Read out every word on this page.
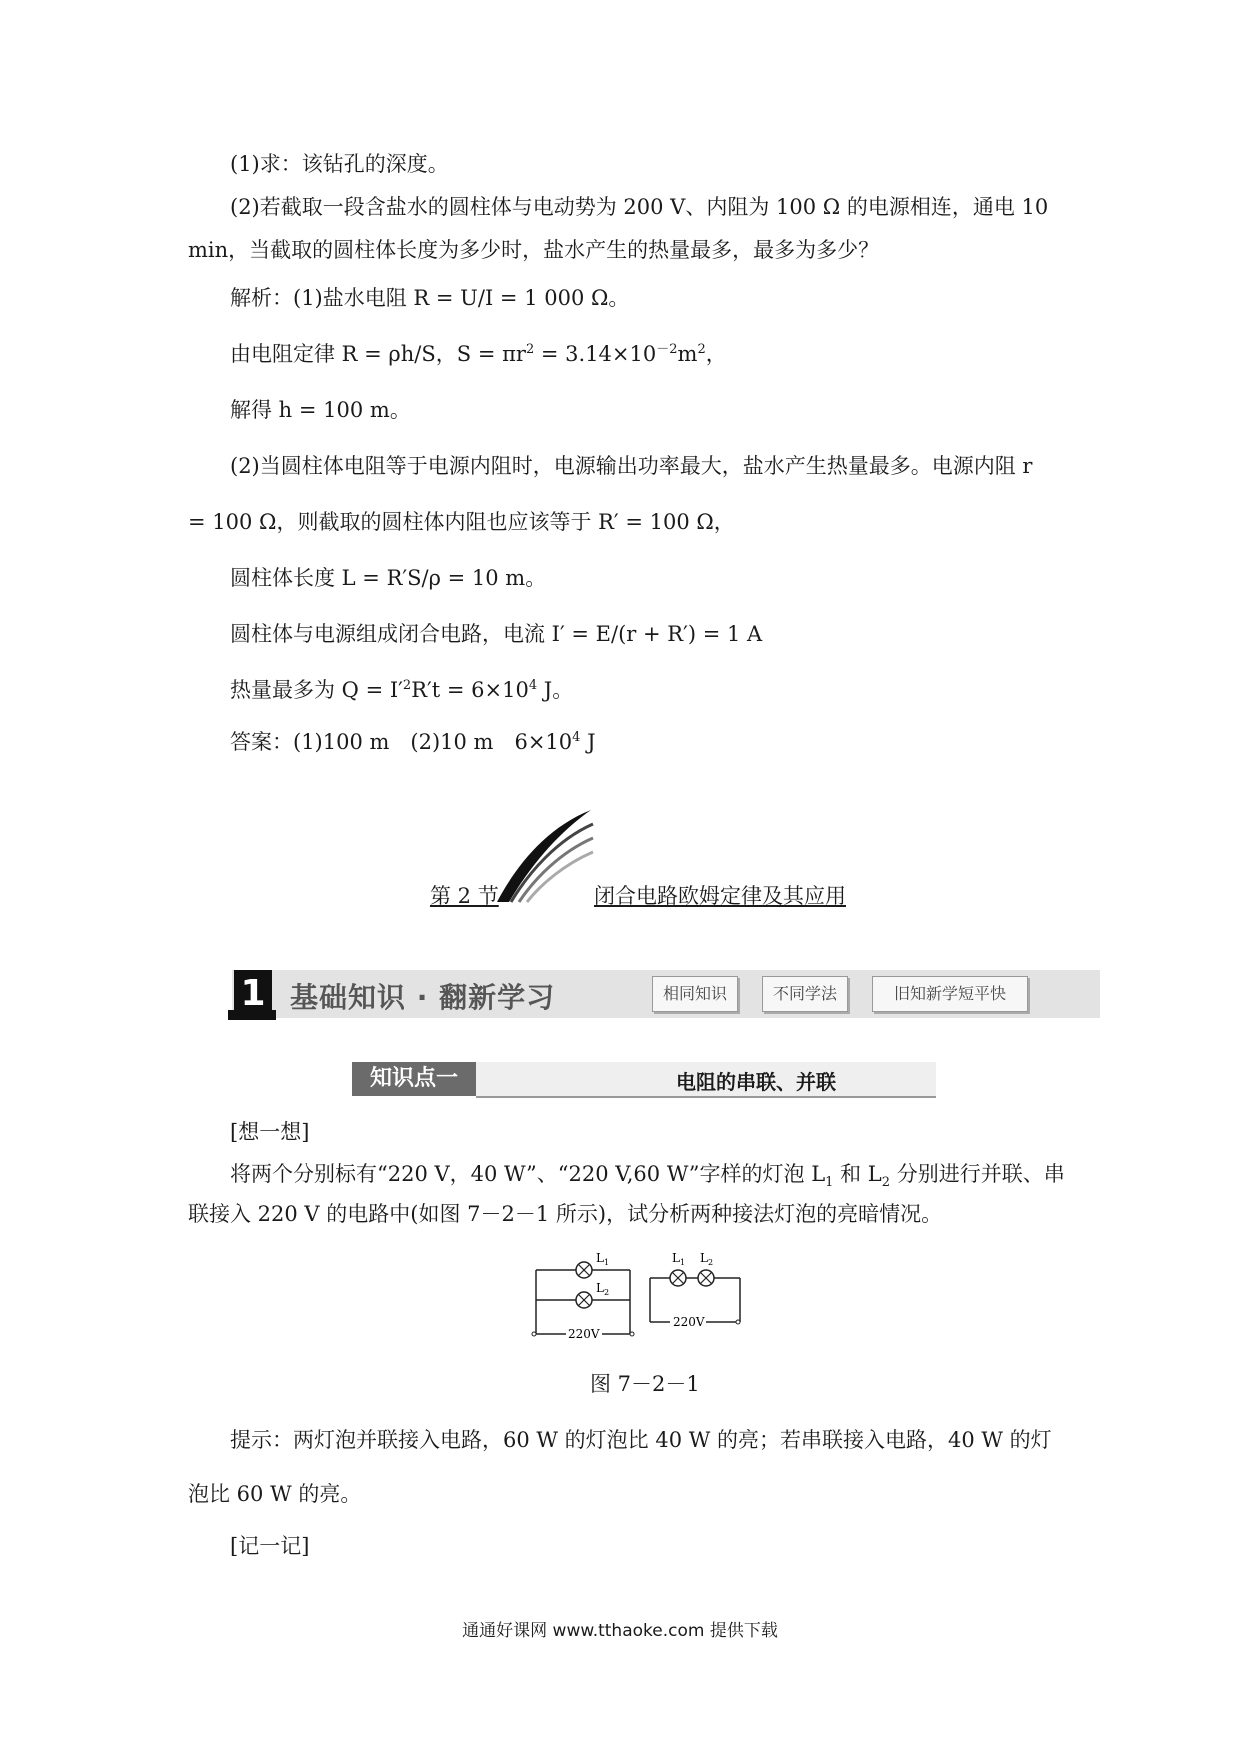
(1)求：该钻孔的深度。
(2)若截取一段含盐水的圆柱体与电动势为 200 V、内阻为 100 Ω 的电源相连，通电 10
min，当截取的圆柱体长度为多少时，盐水产生的热量最多，最多为多少？
解析：(1)盐水电阻 R = U/I = 1 000 Ω。
由电阻定律 R = ρh/S，$S = \pi r^2 = 3.14\times 10^{-2}m^2$，
解得 h = 100 m。
(2)当圆柱体电阻等于电源内阻时，电源输出功率最大，盐水产生热量最多。电源内阻 r
= 100 Ω，则截取的圆柱体内阻也应该等于 R′ = 100 Ω，
圆柱体长度 L = R′S/ρ = 10 m。
圆柱体与电源组成闭合电路，电流 I′ = E/(r + R′) = 1 A
热量最多为 $Q = I'^2R't = 6\times 10^4$ J。
答案：(1)100 m　(2)10 m　$6\times 10^4$ J
第 2 节	闭合电路欧姆定律及其应用
1 基础知识 · 翻新学习	相同知识	不同学法	旧知新学短平快
电阻的串联、并联
知识点一
[想一想]
将两个分别标有“220 V，40 W”、“220 V,60 W”字样的灯泡 $L_1$ 和 $L_2$ 分别进行并联、串
联接入 220 V 的电路中(如图 7－2－1 所示)，试分析两种接法灯泡的亮暗情况。
$L_1$
$L_2$
220V
$L_1$ $L_2$
220V
图 7－2－1
提示：两灯泡并联接入电路，60 W 的灯泡比 40 W 的亮；若串联接入电路，40 W 的灯
泡比 60 W 的亮。
[记一记]
通通好课网 www.tthaoke.com 提供下载
